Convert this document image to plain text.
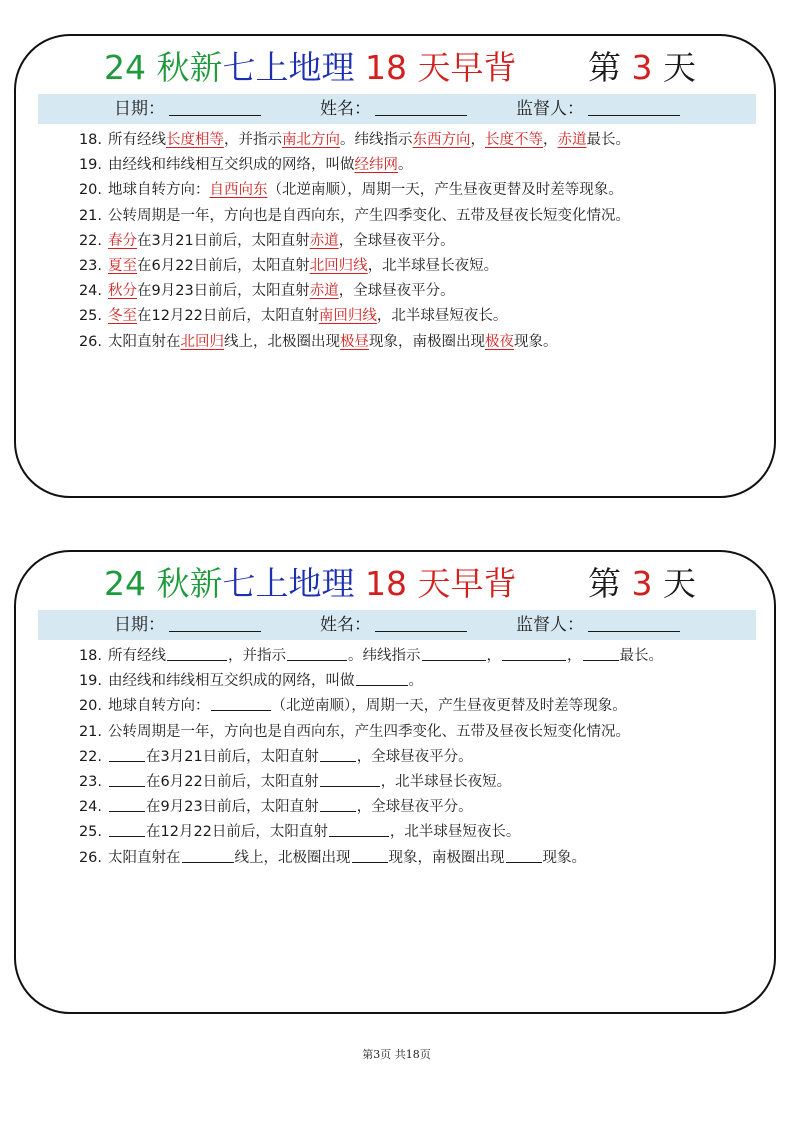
24 秋新七上地理 18 天早背 第 3 天
日期：	姓名：	监督人：
18. 所有经线长度相等，并指示南北方向。纬线指示东西方向，长度不等，赤道最长。
19. 由经线和纬线相互交织成的网络，叫做经纬网。
20. 地球自转方向：自西向东（北逆南顺），周期一天，产生昼夜更替及时差等现象。
21. 公转周期是一年，方向也是自西向东，产生四季变化、五带及昼夜长短变化情况。
22. 春分在3月21日前后，太阳直射赤道，全球昼夜平分。
23. 夏至在6月22日前后，太阳直射北回归线，北半球昼长夜短。
24. 秋分在9月23日前后，太阳直射赤道，全球昼夜平分。
25. 冬至在12月22日前后，太阳直射南回归线，北半球昼短夜长。
26. 太阳直射在北回归线上，北极圈出现极昼现象，南极圈出现极夜现象。
24 秋新七上地理 18 天早背 第 3 天
日期：	姓名：	监督人：
18. 所有经线	，并指示	。纬线指示	，	，	最长。
19. 由经线和纬线相互交织成的网络，叫做	。
20. 地球自转方向：	（北逆南顺），周期一天，产生昼夜更替及时差等现象。
21. 公转周期是一年，方向也是自西向东，产生四季变化、五带及昼夜长短变化情况。
22.	在3月21日前后，太阳直射	，全球昼夜平分。
23.	在6月22日前后，太阳直射	，北半球昼长夜短。
24.	在9月23日前后，太阳直射	，全球昼夜平分。
25.	在12月22日前后，太阳直射	，北半球昼短夜长。
26. 太阳直射在	线上，北极圈出现	现象，南极圈出现	现象。
第3页 共18页
